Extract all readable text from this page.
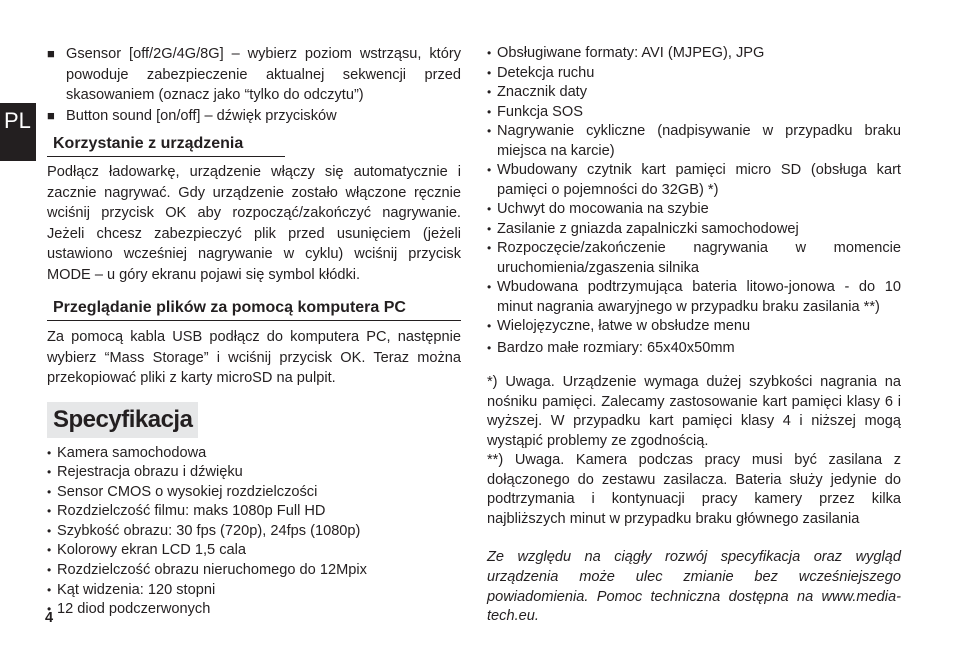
PL
■ Gsensor [off/2G/4G/8G] – wybierz poziom wstrząsu, który powoduje zabezpieczenie aktualnej sekwencji przed skasowaniem (oznacz jako “tylko do odczytu”)
■ Button sound [on/off] – dźwięk przycisków
Korzystanie z urządzenia
Podłącz ładowarkę, urządzenie włączy się automatycznie i zacznie nagrywać. Gdy urządzenie zostało włączone ręcznie wciśnij przycisk OK aby rozpocząć/zakończyć nagrywanie. Jeżeli chcesz zabezpieczyć plik przed usunięciem (jeżeli ustawiono wcześniej nagrywanie w cyklu) wciśnij przycisk MODE – u góry ekranu pojawi się symbol kłódki.
Przeglądanie plików za pomocą komputera PC
Za pomocą kabla USB podłącz do komputera PC, następnie wybierz “Mass Storage” i wciśnij przycisk OK. Teraz można przekopiować pliki z karty microSD na pulpit.
Specyfikacja
• Kamera samochodowa
• Rejestracja obrazu i dźwięku
• Sensor CMOS o wysokiej rozdzielczości
• Rozdzielczość filmu: maks 1080p Full HD
• Szybkość obrazu: 30 fps (720p), 24fps (1080p)
• Kolorowy ekran LCD 1,5 cala
• Rozdzielczość obrazu nieruchomego do 12Mpix
• Kąt widzenia: 120 stopni
• 12 diod podczerwonych
• Obsługiwane formaty: AVI (MJPEG), JPG
• Detekcja ruchu
• Znacznik daty
• Funkcja SOS
• Nagrywanie cykliczne (nadpisywanie w przypadku braku miejsca na karcie)
• Wbudowany czytnik kart pamięci micro SD (obsługa kart pamięci o pojemności do 32GB) *)
• Uchwyt do mocowania na szybie
• Zasilanie z gniazda zapalniczki samochodowej
• Rozpoczęcie/zakończenie nagrywania w momencie uruchomienia/zgaszenia silnika
• Wbudowana podtrzymująca bateria litowo-jonowa - do 10 minut nagrania awaryjnego w przypadku braku zasilania **)
• Wielojęzyczne, łatwe w obsłudze menu
• Bardzo małe rozmiary: 65x40x50mm
*) Uwaga. Urządzenie wymaga dużej szybkości nagrania na nośniku pamięci. Zalecamy zastosowanie kart pamięci klasy 6 i wyższej. W przypadku kart pamięci klasy 4 i niższej mogą wystąpić problemy ze zgodnością.
**) Uwaga. Kamera podczas pracy musi być zasilana z dołączonego do zestawu zasilacza. Bateria służy jedynie do podtrzymania i kontynuacji pracy kamery przez kilka najbliższych minut w przypadku braku głównego zasilania
Ze względu na ciągły rozwój specyfikacja oraz wygląd urządzenia może ulec zmianie bez wcześniejszego powiadomienia. Pomoc techniczna dostępna na www.media-tech.eu.
4
